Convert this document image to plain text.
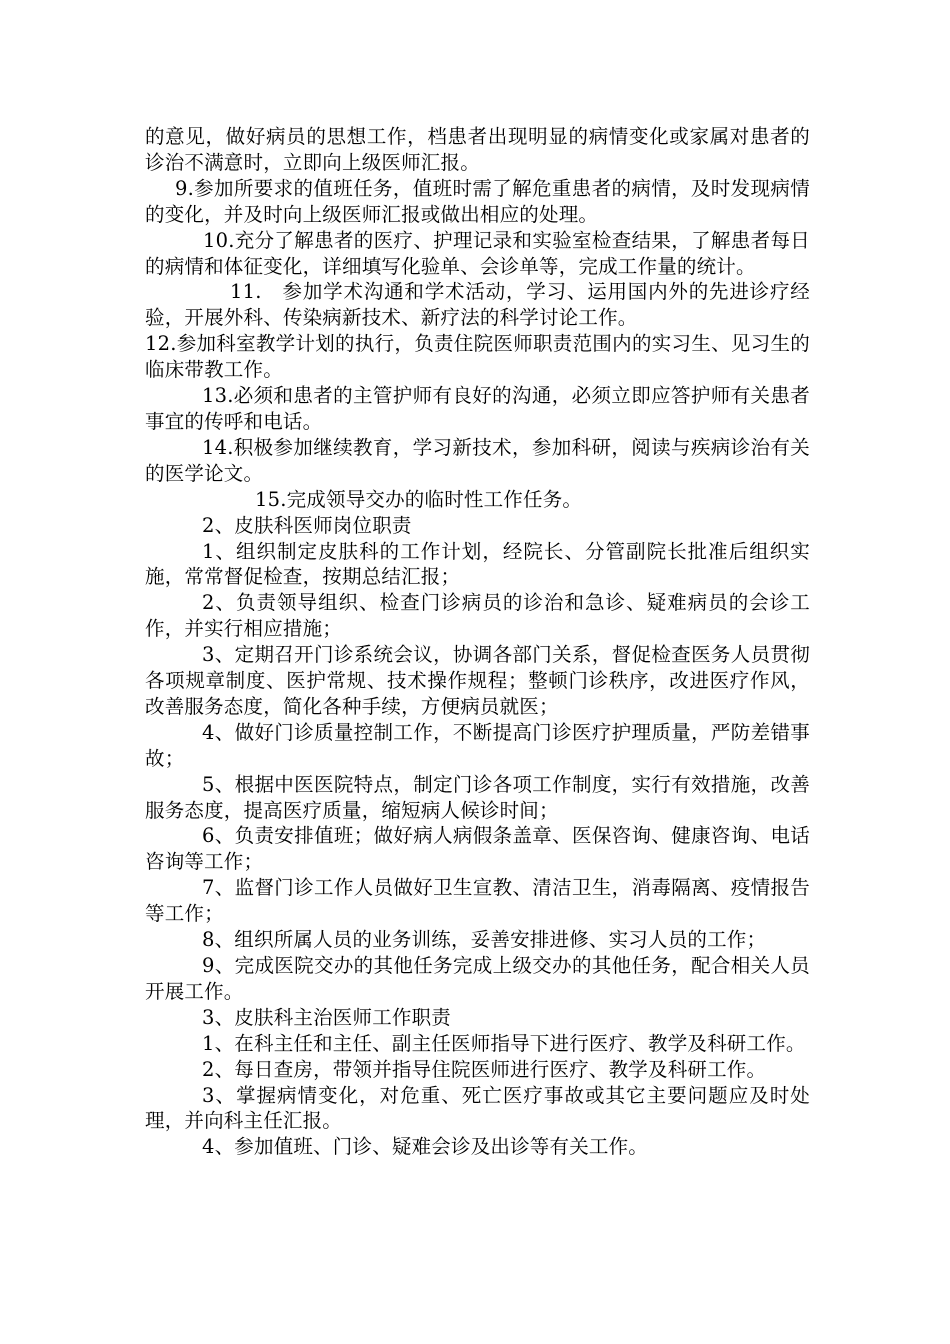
的意见，做好病员的思想工作，档患者出现明显的病情变化或家属对患者的诊治不满意时，立即向上级医师汇报。

9.参加所要求的值班任务，值班时需了解危重患者的病情，及时发现病情的变化，并及时向上级医师汇报或做出相应的处理。

10.充分了解患者的医疗、护理记录和实验室检查结果，了解患者每日的病情和体征变化，详细填写化验单、会诊单等，完成工作量的统计。

11.　参加学术沟通和学术活动，学习、运用国内外的先进诊疗经验，开展外科、传染病新技术、新疗法的科学讨论工作。

12.参加科室教学计划的执行，负责住院医师职责范围内的实习生、见习生的临床带教工作。

13.必须和患者的主管护师有良好的沟通，必须立即应答护师有关患者事宜的传呼和电话。

14.积极参加继续教育，学习新技术，参加科研，阅读与疾病诊治有关的医学论文。

15.完成领导交办的临时性工作任务。

2、皮肤科医师岗位职责

1、组织制定皮肤科的工作计划，经院长、分管副院长批准后组织实施，常常督促检查，按期总结汇报；

2、负责领导组织、检查门诊病员的诊治和急诊、疑难病员的会诊工作，并实行相应措施；

3、定期召开门诊系统会议，协调各部门关系，督促检查医务人员贯彻各项规章制度、医护常规、技术操作规程；整顿门诊秩序，改进医疗作风，改善服务态度，简化各种手续，方便病员就医；

4、做好门诊质量控制工作，不断提高门诊医疗护理质量，严防差错事故；

5、根据中医医院特点，制定门诊各项工作制度，实行有效措施，改善服务态度，提高医疗质量，缩短病人候诊时间；

6、负责安排值班；做好病人病假条盖章、医保咨询、健康咨询、电话咨询等工作；

7、监督门诊工作人员做好卫生宣教、清洁卫生，消毒隔离、疫情报告等工作；

8、组织所属人员的业务训练，妥善安排进修、实习人员的工作；

9、完成医院交办的其他任务完成上级交办的其他任务，配合相关人员开展工作。

3、皮肤科主治医师工作职责

1、在科主任和主任、副主任医师指导下进行医疗、教学及科研工作。

2、每日查房，带领并指导住院医师进行医疗、教学及科研工作。

3、掌握病情变化，对危重、死亡医疗事故或其它主要问题应及时处理，并向科主任汇报。

4、参加值班、门诊、疑难会诊及出诊等有关工作。
